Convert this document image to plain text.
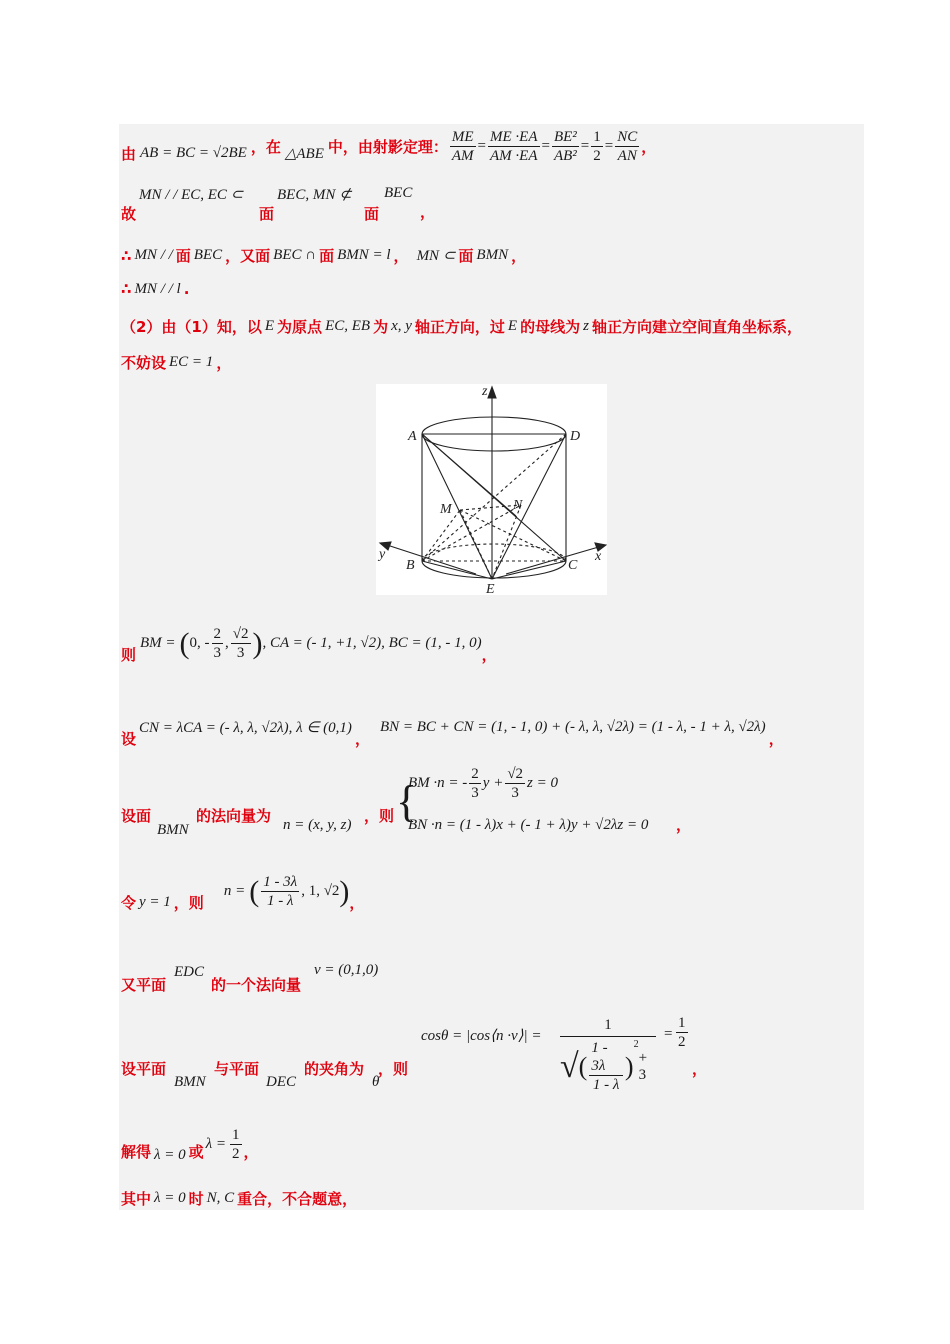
由 AB = BC = √2BE ，在 △ABE 中，由射影定理： $\frac{ME}{AM} = \frac{ME \cdot EA}{AM \cdot EA} = \frac{\text{BE²}}{\text{AB²}} = \frac{1}{2} = \frac{NC}{AN}$ ，
故
MN / / EC, EC ⊂
面
BEC, MN ⊄
面
BEC
，
∴ MN / / 面 BEC ，又面 BEC ∩ 面 BMN = l ， MN ⊂ 面 BMN ，
∴ MN / / l .
（2）由（1）知，以 E 为原点 EC, EB 为 x, y 轴正方向，过 E 的母线为 z 轴正方向建立空间直角坐标系，
不妨设 EC = 1 ，
z
A	D
M	N
y	x
B	C
E
则
BM = ( 0, - $\frac{2}{3}$ , $\frac{√2}{3}$ ) , CA = (- 1, +1, √2), BC = (1, - 1, 0)
，
设
CN = λCA = (- λ, λ, √2λ), λ ∈ (0,1)
，
BN = BC + CN = (1, - 1, 0) + (- λ, λ, √2λ) = (1 - λ, - 1 + λ, √2λ)
，
设面
BMN
的法向量为 n = (x, y, z) ，则 {
BM ·n = - $\frac{2}{3}$ $y + \frac{√2}{3}$ z = 0
BN ·n = (1 - λ)x + (- 1 + λ)y + √2λz = 0 ，
令 y = 1 ，则
n = ( $\frac{1 - 3\lambda}{1 - \lambda}$ , 1, √2 ) ，
又平面
EDC
的一个法向量
v = (0,1,0)
设平面
BMN
与平面
DEC
的夹角为
θ
，则
cosθ = |cos⟨n ·v⟩| =
1
√ ( $\frac{1 - 3\lambda}{1 - \lambda}$ )
2
+ 3
= $\frac{1}{2}$
，
解得 λ = 0 或 $\lambda = \frac{1}{2}$ ，
其中 λ = 0 时 N, C 重合，不合题意，
